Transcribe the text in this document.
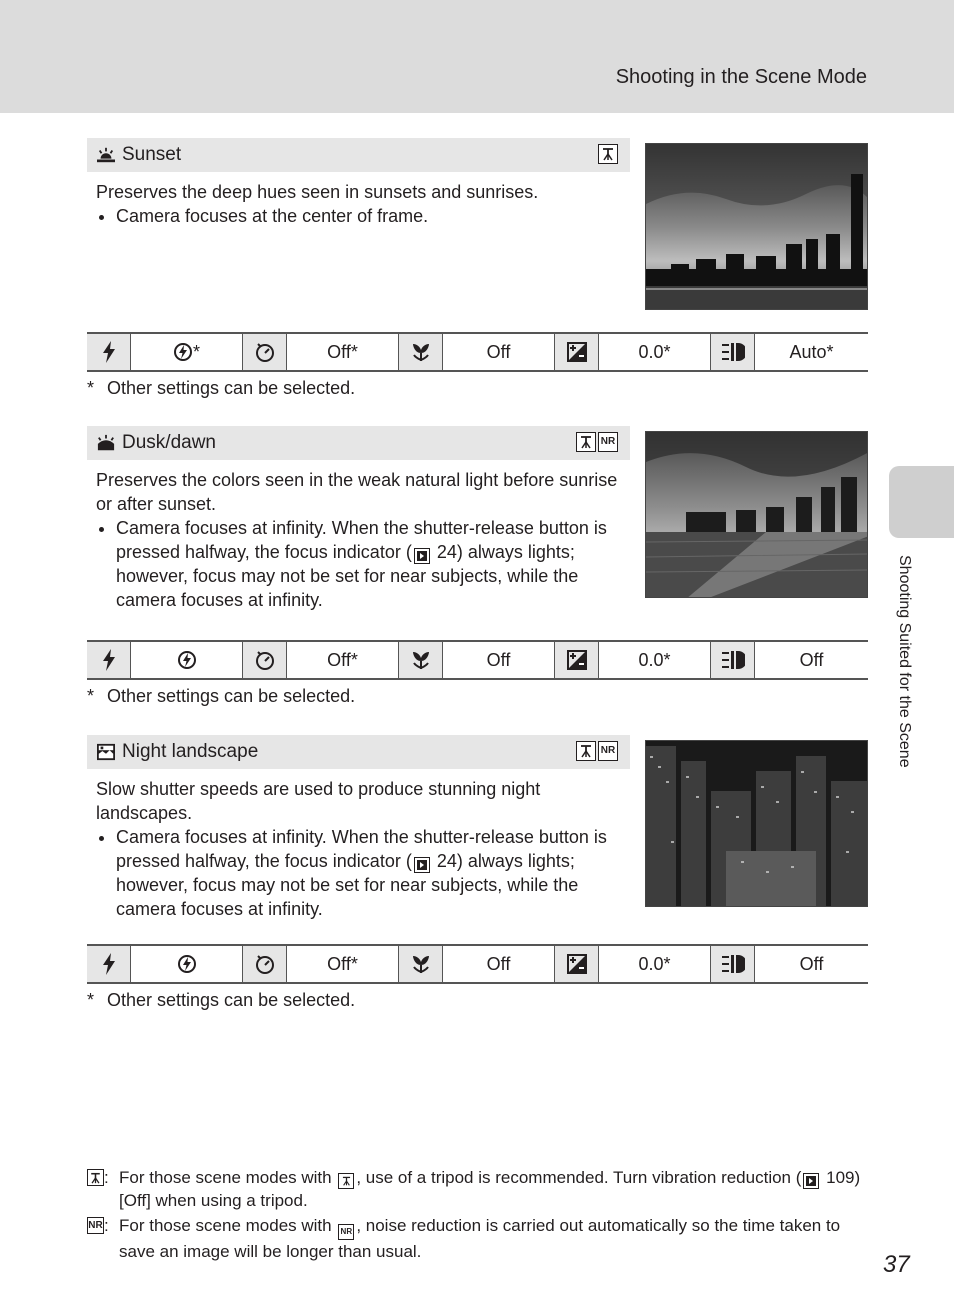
Shooting in the Scene Mode
Shooting Suited for the Scene
Sunset

Preserves the deep hues seen in sunsets and sunrises.

• Camera focuses at the center of frame.
*	Off*	Off	0.0*	Auto*
* Other settings can be selected.
Dusk/dawn	NR

Preserves the colors seen in the weak natural light before sunrise or after sunset.

• Camera focuses at infinity. When the shutter-release button is pressed halfway, the focus indicator (
24) always lights; however, focus may not be set for near subjects, while the camera focuses at infinity.
Off*	Off	0.0*	Off
* Other settings can be selected.
Night landscape	NR

Slow shutter speeds are used to produce stunning night landscapes.

• Camera focuses at infinity. When the shutter-release button is pressed halfway, the focus indicator (
24) always lights; however, focus may not be set for near subjects, while the camera focuses at infinity.
Off*	Off	0.0*	Off
* Other settings can be selected.
: For those scene modes with
, use of a tripod is recommended. Turn vibration reduction (
109) [Off] when using a tripod.
NR : For those scene modes with NR , noise reduction is carried out automatically so the time taken to save an image will be longer than usual.	37
